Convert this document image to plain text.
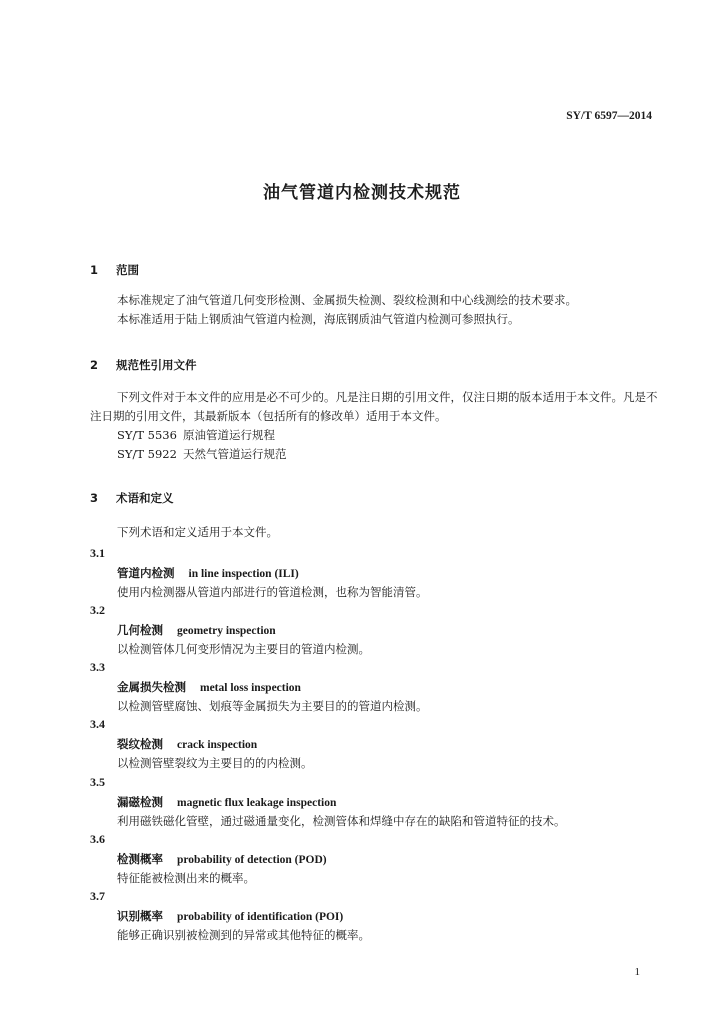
SY/T 6597—2014
油气管道内检测技术规范
1 范围

本标准规定了油气管道几何变形检测、金属损失检测、裂纹检测和中心线测绘的技术要求。

本标准适用于陆上钢质油气管道内检测，海底钢质油气管道内检测可参照执行。

2 规范性引用文件

下列文件对于本文件的应用是必不可少的。凡是注日期的引用文件，仅注日期的版本适用于本文件。凡是不注日期的引用文件，其最新版本（包括所有的修改单）适用于本文件。

SY/T 5536 原油管道运行规程

SY/T 5922 天然气管道运行规范

3 术语和定义
下列术语和定义适用于本文件。
3.1
管道内检测 in line inspection (ILI)
使用内检测器从管道内部进行的管道检测，也称为智能清管。
3.2
几何检测 geometry inspection
以检测管体几何变形情况为主要目的管道内检测。
3.3
金属损失检测 metal loss inspection
以检测管壁腐蚀、划痕等金属损失为主要目的的管道内检测。
3.4
裂纹检测 crack inspection
以检测管壁裂纹为主要目的的内检测。
3.5
漏磁检测 magnetic flux leakage inspection
利用磁铁磁化管壁，通过磁通量变化，检测管体和焊缝中存在的缺陷和管道特征的技术。
3.6
检测概率 probability of detection (POD)
特征能被检测出来的概率。
3.7
识别概率 probability of identification (POI)
能够正确识别被检测到的异常或其他特征的概率。
1
